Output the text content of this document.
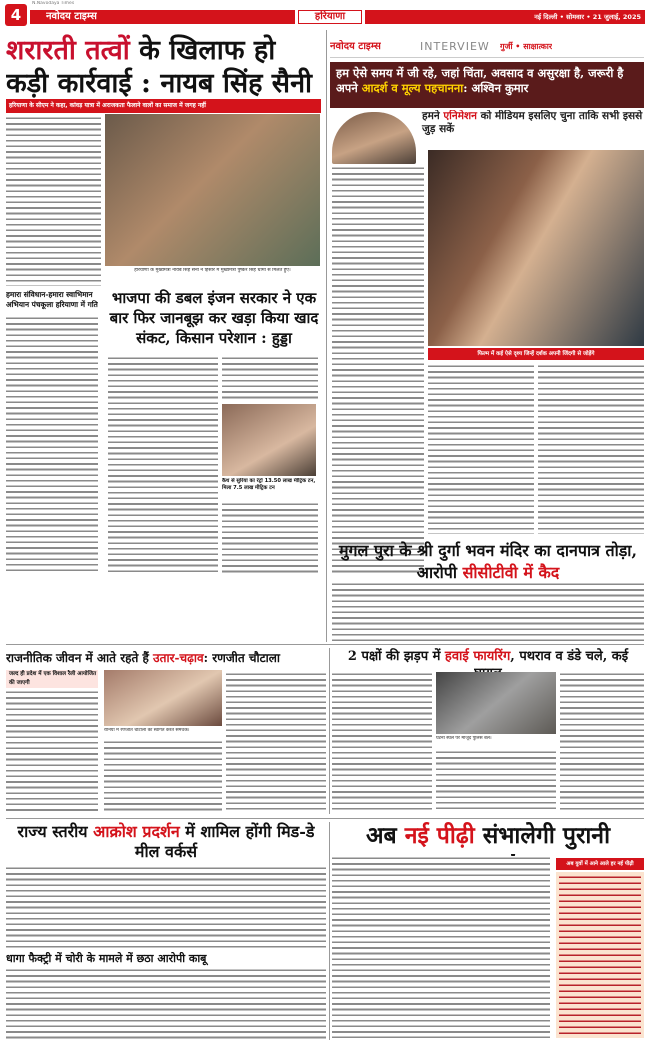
N.Navodaya Times
4	नवोदय टाइम्स	हरियाणा	नई दिल्ली • सोमवार • 21 जुलाई, 2025
शरारती तत्वों के खिलाफ हो कड़ी कार्रवाई : नायब सिंह सैनी
हरियाणा के सीएम ने कहा, कांवड़ यात्रा में अराजकता फैलाने वालों का समाज में जगह नहीं
हरियाणा के मुख्यमंत्री नायब सिंह सैनी ने हिसार में मुख्यमंत्री पुष्कर सिंह धामी से मिलते हुए।
नवोदय टाइम्स	INTERVIEW गुर्जी • साक्षात्कार
हम ऐसे समय में जी रहे, जहां चिंता, अवसाद व असुरक्षा है, जरूरी है अपने आदर्श व मूल्य पहचानना: अश्विन कुमार
हमने एनिमेशन को मीडियम इसलिए चुना ताकि सभी इससे जुड़ सकें
फिल्म में कई ऐसे दृश्य जिन्हें दर्शक अपनी जिंदगी से जोड़ेंगे
हमारा संविधान-हमारा स्वाभिमान अभियान पंचकूला हरियाणा में गति भाजपा की डबल इंजन सरकार ने एक बार फिर जानबूझ कर खड़ा किया खाद संकट, किसान परेशान : हुड्डा
कैथ से सुरिया का रेट्रो 13.50 लाख मीट्रिक टन, मिला 7.5 लाख मीट्रिक टन
मुगल पुरा के श्री दुर्गा भवन मंदिर का दानपात्र तोड़ा, आरोपी सीसीटीवी में कैद
राजनीतिक जीवन में आते रहते हैं उतार-चढ़ाव: रणजीत चौटाला
जल्द ही प्रदेश में एक विशाल रैली आयोजित की जाएगी
रानिया में रणजीत चौटाला का स्वागत करते समर्थक।
2 पक्षों की झड़प में हवाई फायरिंग, पथराव व डंडे चले, कई
घटना स्थल पर मौजूद पुलिस बल।
राज्य स्तरीय आक्रोश प्रदर्शन में शामिल होंगी मिड-डे मील वर्कर्स
धागा फैक्ट्री में चोरी के मामले में छठा आरोपी काबू
अब नई पीढ़ी संभालेगी पुरानी
अब युवों में आने आले हर नई पीढ़ी
